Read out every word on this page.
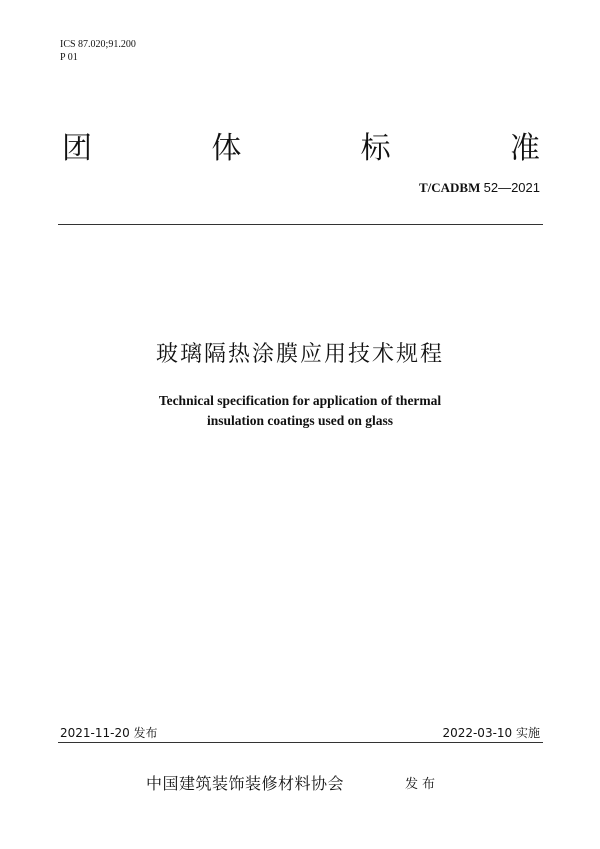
ICS 87.020;91.200
P 01
团	体	标	准
T/CADBM 52—2021
玻璃隔热涂膜应用技术规程
Technical specification for application of thermal
insulation coatings used on glass
2021-11-20 发布	2022-03-10 实施
中国建筑装饰装修材料协会	发布
